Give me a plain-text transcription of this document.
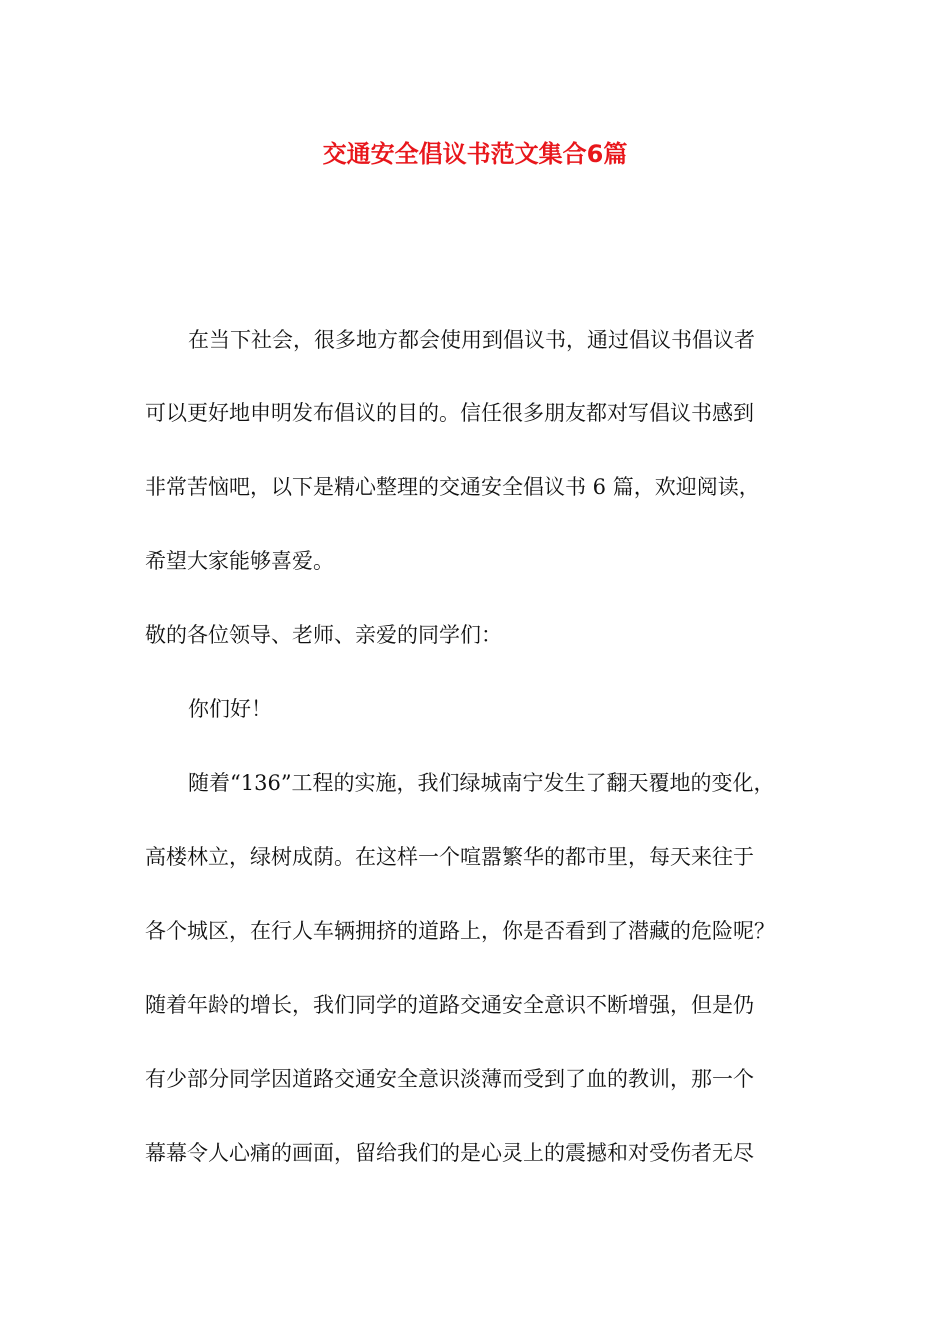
交通安全倡议书范文集合6篇

在当下社会，很多地方都会使用到倡议书，通过倡议书倡议者

可以更好地申明发布倡议的目的。信任很多朋友都对写倡议书感到

非常苦恼吧，以下是精心整理的交通安全倡议书 6 篇，欢迎阅读，

希望大家能够喜爱。

敬的各位领导、老师、亲爱的同学们：

你们好！

随着“136”工程的实施，我们绿城南宁发生了翻天覆地的变化，

高楼林立，绿树成荫。在这样一个喧嚣繁华的都市里，每天来往于

各个城区，在行人车辆拥挤的道路上，你是否看到了潜藏的危险呢？

随着年龄的增长，我们同学的道路交通安全意识不断增强，但是仍

有少部分同学因道路交通安全意识淡薄而受到了血的教训，那一个

幕幕令人心痛的画面，留给我们的是心灵上的震撼和对受伤者无尽
